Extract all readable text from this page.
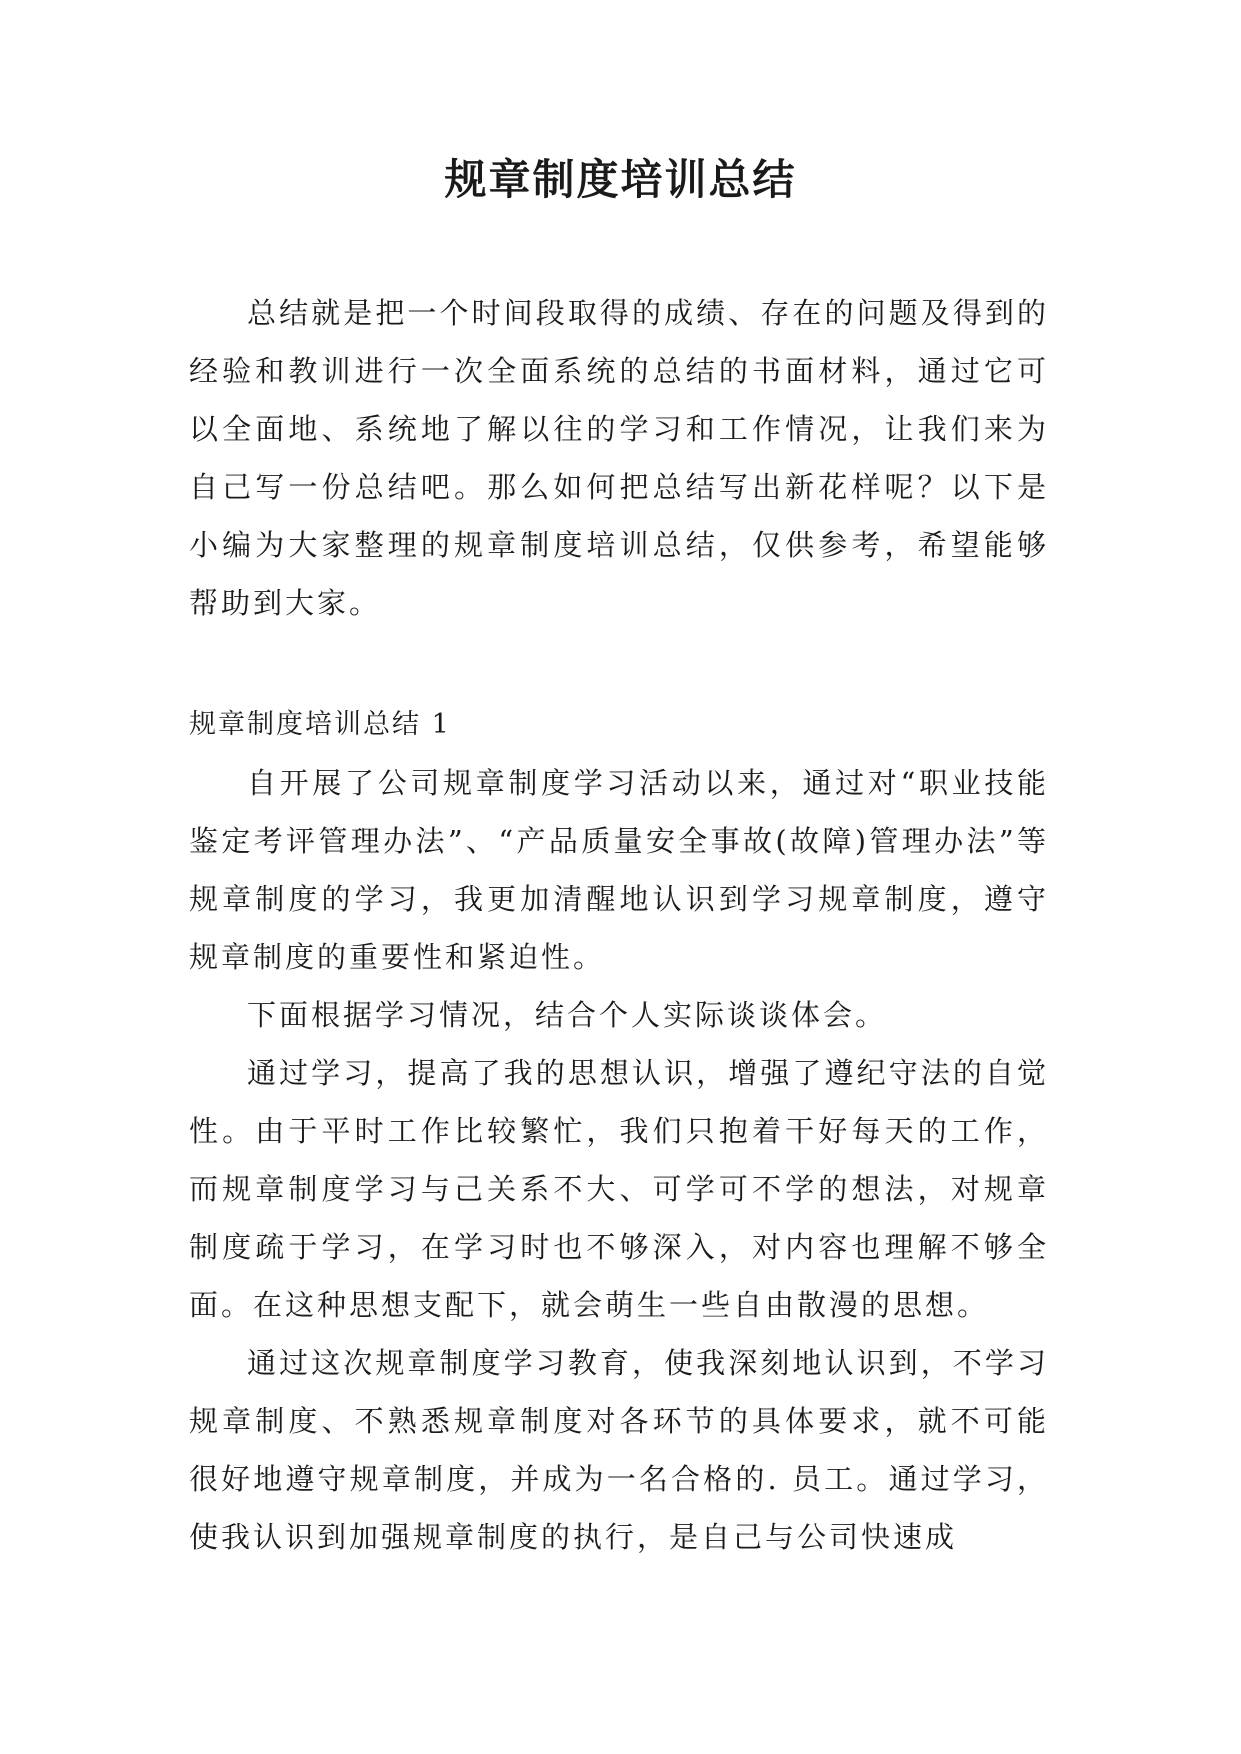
规章制度培训总结

总结就是把一个时间段取得的成绩、存在的问题及得到的经验和教训进行一次全面系统的总结的书面材料，通过它可以全面地、系统地了解以往的学习和工作情况，让我们来为自己写一份总结吧。那么如何把总结写出新花样呢？以下是小编为大家整理的规章制度培训总结，仅供参考，希望能够帮助到大家。

规章制度培训总结 1

自开展了公司规章制度学习活动以来，通过对“职业技能鉴定考评管理办法”、“产品质量安全事故(故障)管理办法”等规章制度的学习，我更加清醒地认识到学习规章制度，遵守规章制度的重要性和紧迫性。

下面根据学习情况，结合个人实际谈谈体会。

通过学习，提高了我的思想认识，增强了遵纪守法的自觉性。由于平时工作比较繁忙，我们只抱着干好每天的工作，而规章制度学习与己关系不大、可学可不学的想法，对规章制度疏于学习，在学习时也不够深入，对内容也理解不够全面。在这种思想支配下，就会萌生一些自由散漫的思想。

通过这次规章制度学习教育，使我深刻地认识到，不学习规章制度、不熟悉规章制度对各环节的具体要求，就不可能很好地遵守规章制度，并成为一名合格的. 员工。通过学习，使我认识到加强规章制度的执行，是自己与公司快速成
